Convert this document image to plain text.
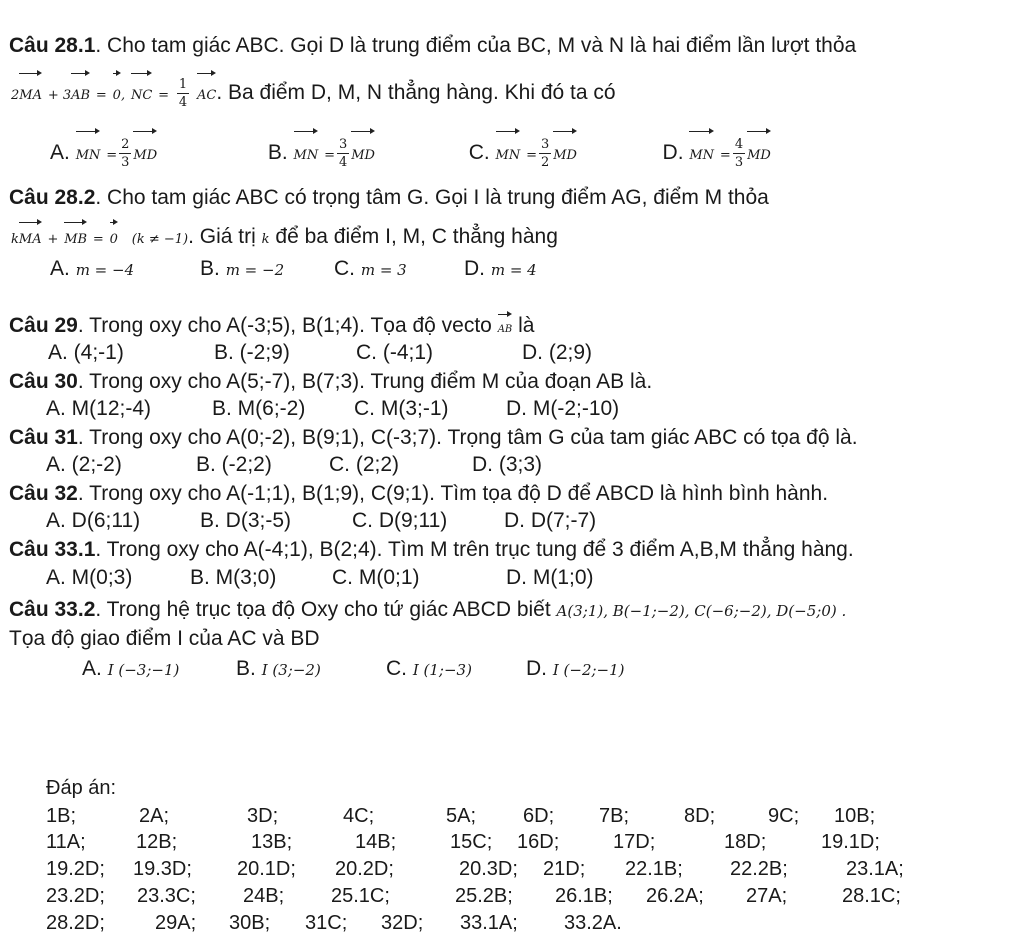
Câu 28.1. Cho tam giác ABC. Gọi D là trung điểm của BC, M và N là hai điểm lần lượt thỏa
2MA + 3AB = 0, NC = $\frac{1}{4}$ AC. Ba điểm D, M, N thẳng hàng. Khi đó ta có
A. MN = $\frac{2}{3}$ MD	B. MN = $\frac{3}{4}$ MD	C. MN = $\frac{3}{2}$ MD	D. MN = $\frac{4}{3}$ MD
Câu 28.2. Cho tam giác ABC có trọng tâm G. Gọi I là trung điểm AG, điểm M thỏa
kMA + MB = 0 (k ≠ −1). Giá trị k để ba điểm I, M, C thẳng hàng
A. m = −4	B. m = −2 C. m = 3	D. m = 4
Câu 29. Trong oxy cho A(-3;5), B(1;4). Tọa độ vecto AB là
A. (4;-1)	B. (-2;9)	C. (-4;1)	D. (2;9)
Câu 30. Trong oxy cho A(5;-7), B(7;3). Trung điểm M của đoạn AB là.
A. M(12;-4)	B. M(6;-2) C. M(3;-1)	D. M(-2;-10)
Câu 31. Trong oxy cho A(0;-2), B(9;1), C(-3;7). Trọng tâm G của tam giác ABC có tọa độ là.
A. (2;-2)	B. (-2;2)	C. (2;2)	D. (3;3)
Câu 32. Trong oxy cho A(-1;1), B(1;9), C(9;1). Tìm tọa độ D để ABCD là hình bình hành.
A. D(6;11)	B. D(3;-5)	C. D(9;11)	D. D(7;-7)
Câu 33.1. Trong oxy cho A(-4;1), B(2;4). Tìm M trên trục tung để 3 điểm A,B,M thẳng hàng.
A. M(0;3)	B. M(3;0)	C. M(0;1)	D. M(1;0)
Câu 33.2. Trong hệ trục tọa độ Oxy cho tứ giác ABCD biết A(3;1), B(−1;−2), C(−6;−2), D(−5;0) .
Tọa độ giao điểm I của AC và BD
A. I (−3;−1)	B. I (3;−2)	C. I (1;−3)	D. I (−2;−1)
Đáp án:
1B;	2A;	3D;	4C;	5A; 6D; 7B;	8D;	9C; 10B;
11A;	12B;	13B;	14B;	15C; 16D;	17D;	18D;	19.1D;
19.2D; 19.3D; 20.1D; 20.2D;	20.3D; 21D; 22.1B; 22.2B;	23.1A;
23.2D; 23.3C; 24B; 25.1C;	25.2B; 26.1B; 26.2A; 27A;	28.1C;
28.2D;	29A; 30B; 31C; 32D; 33.1A; 33.2A.
